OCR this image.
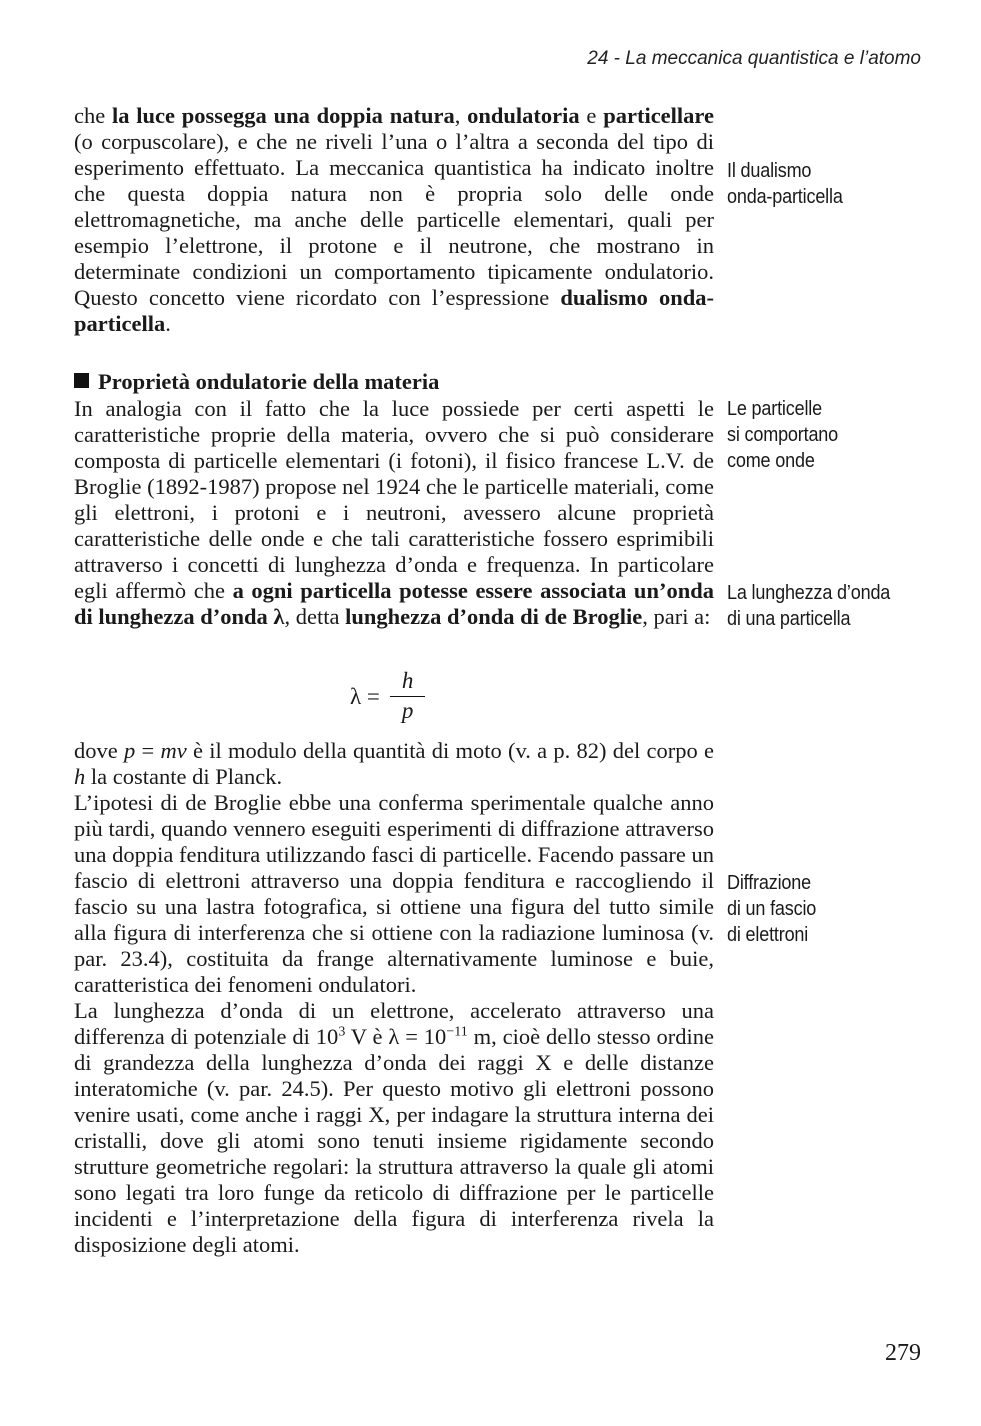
24 - La meccanica quantistica e l’atomo

che la luce possegga una doppia natura, ondulatoria e particellare (o corpuscolare), e che ne riveli l’una o l’altra a seconda del tipo di esperimento effettuato. La meccanica quantistica ha indicato inoltre che questa doppia natura non è propria solo delle onde elettromagnetiche, ma anche delle particelle elementari, quali per esempio l’elettrone, il protone e il neutrone, che mostrano in determinate condizioni un comportamento tipicamente ondulatorio. Questo concetto viene ricordato con l’espressione dualismo onda-particella.

Proprietà ondulatorie della materia

In analogia con il fatto che la luce possiede per certi aspetti le caratteristiche proprie della materia, ovvero che si può considerare composta di particelle elementari (i fotoni), il fisico francese L.V. de Broglie (1892-1987) propose nel 1924 che le particelle materiali, come gli elettroni, i protoni e i neutroni, avessero alcune proprietà caratteristiche delle onde e che tali caratteristiche fossero esprimibili attraverso i concetti di lunghezza d’onda e frequenza. In particolare egli affermò che a ogni particella potesse essere associata un’onda di lunghezza d’onda λ, detta lunghezza d’onda di de Broglie, pari a:

$\lambda = \frac{h}{p}$

dove p = mv è il modulo della quantità di moto (v. a p. 82) del corpo e h la costante di Planck.

L’ipotesi di de Broglie ebbe una conferma sperimentale qualche anno più tardi, quando vennero eseguiti esperimenti di diffrazione attraverso una doppia fenditura utilizzando fasci di particelle. Facendo passare un fascio di elettroni attraverso una doppia fenditura e raccogliendo il fascio su una lastra fotografica, si ottiene una figura del tutto simile alla figura di interferenza che si ottiene con la radiazione luminosa (v. par. 23.4), costituita da frange alternativamente luminose e buie, caratteristica dei fenomeni ondulatori.

La lunghezza d’onda di un elettrone, accelerato attraverso una differenza di potenziale di $10^3$ V è $\lambda = 10^{-11}$ m, cioè dello stesso ordine di grandezza della lunghezza d’onda dei raggi X e delle distanze interatomiche (v. par. 24.5). Per questo motivo gli elettroni possono venire usati, come anche i raggi X, per indagare la struttura interna dei cristalli, dove gli atomi sono tenuti insieme rigidamente secondo strutture geometriche regolari: la struttura attraverso la quale gli atomi sono legati tra loro funge da reticolo di diffrazione per le particelle incidenti e l’interpretazione della figura di interferenza rivela la disposizione degli atomi.

Il dualismo
onda-particella
Le particelle
si comportano
come onde
La lunghezza d’onda
di una particella
Diffrazione
di un fascio
di elettroni
279
